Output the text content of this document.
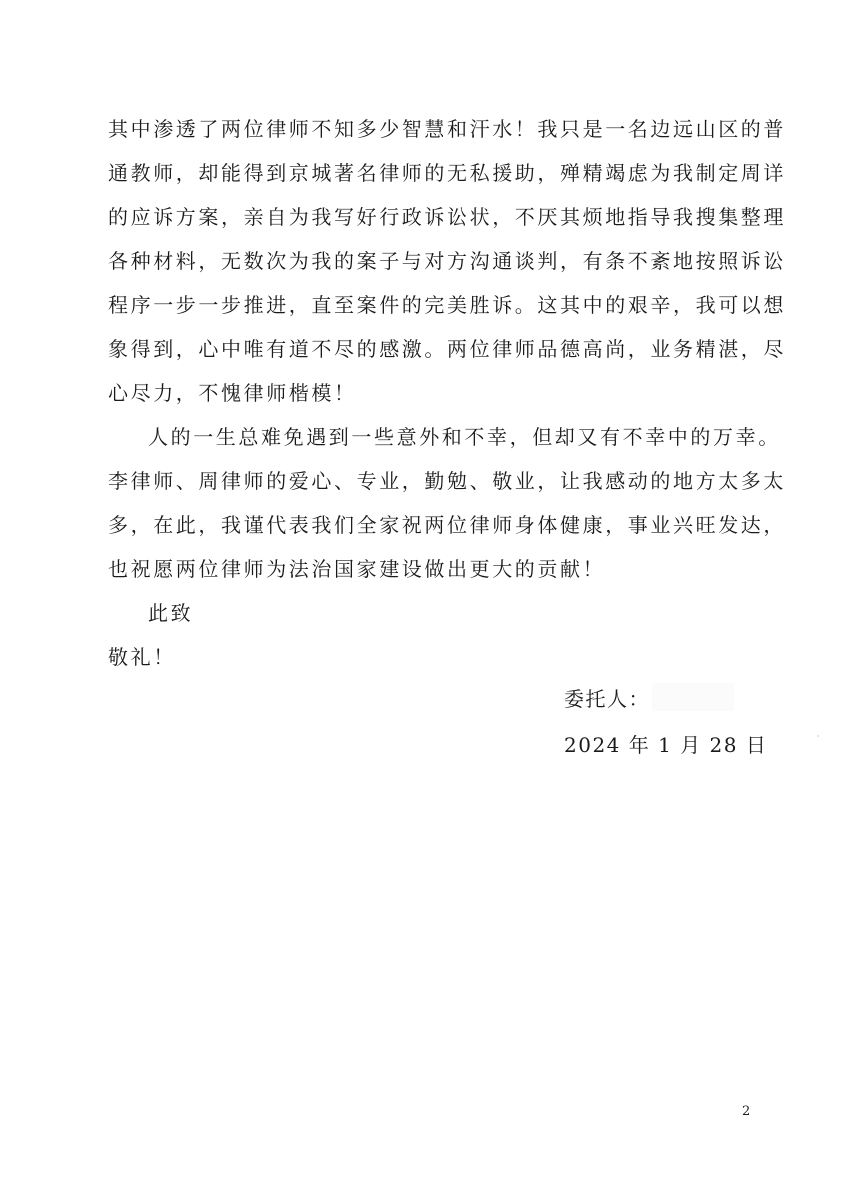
其中渗透了两位律师不知多少智慧和汗水！我只是一名边远山区的普
通教师，却能得到京城著名律师的无私援助，殚精竭虑为我制定周详
的应诉方案，亲自为我写好行政诉讼状，不厌其烦地指导我搜集整理
各种材料，无数次为我的案子与对方沟通谈判，有条不紊地按照诉讼
程序一步一步推进，直至案件的完美胜诉。这其中的艰辛，我可以想
象得到，心中唯有道不尽的感激。两位律师品德高尚，业务精湛，尽
心尽力，不愧律师楷模！
人的一生总难免遇到一些意外和不幸，但却又有不幸中的万幸。
李律师、周律师的爱心、专业，勤勉、敬业，让我感动的地方太多太
多，在此，我谨代表我们全家祝两位律师身体健康，事业兴旺发达，
也祝愿两位律师为法治国家建设做出更大的贡献！
此致
敬礼！
委托人：
2024 年 1 月 28 日
2
